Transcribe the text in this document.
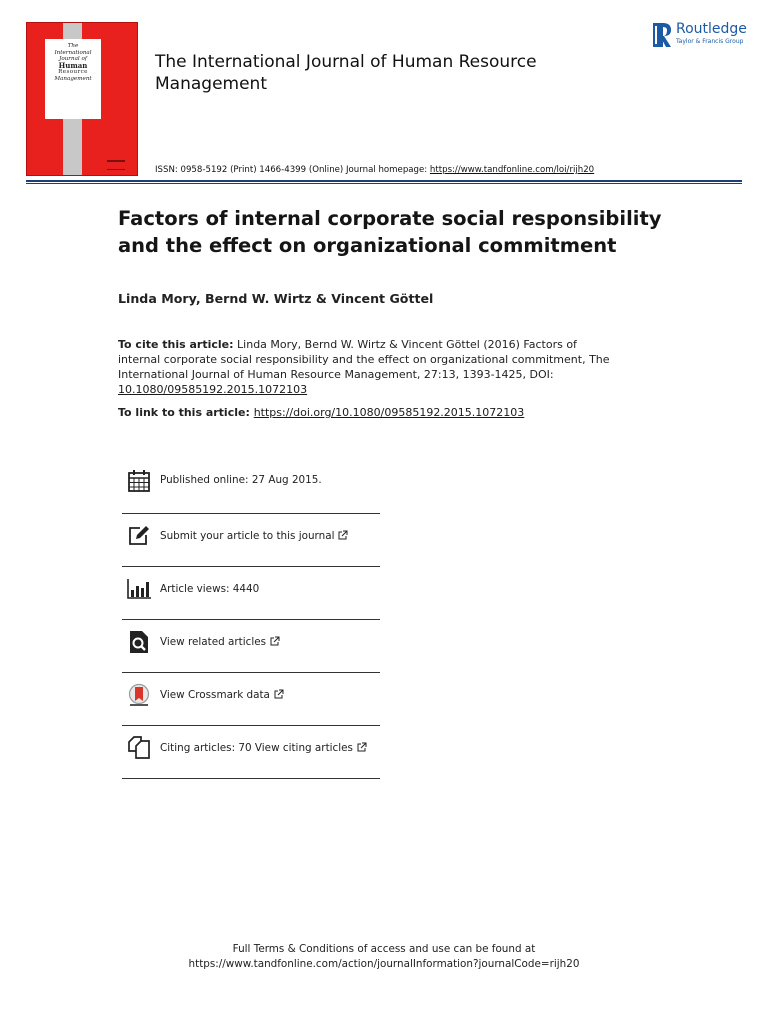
The
International
Journal of
Human
Resource
Management
The International Journal of Human Resource Management
Routledge
Taylor & Francis Group
ISSN: 0958-5192 (Print) 1466-4399 (Online) Journal homepage: https://www.tandfonline.com/loi/rijh20
Factors of internal corporate social responsibility and the effect on organizational commitment
Linda Mory, Bernd W. Wirtz & Vincent Göttel
To cite this article: Linda Mory, Bernd W. Wirtz & Vincent Göttel (2016) Factors of internal corporate social responsibility and the effect on organizational commitment, The International Journal of Human Resource Management, 27:13, 1393-1425, DOI: 10.1080/09585192.2015.1072103
To link to this article: https://doi.org/10.1080/09585192.2015.1072103
Published online: 27 Aug 2015.
Submit your article to this journal
Article views: 4440
View related articles
View Crossmark data
Citing articles: 70 View citing articles
Full Terms & Conditions of access and use can be found at
https://www.tandfonline.com/action/journalInformation?journalCode=rijh20
